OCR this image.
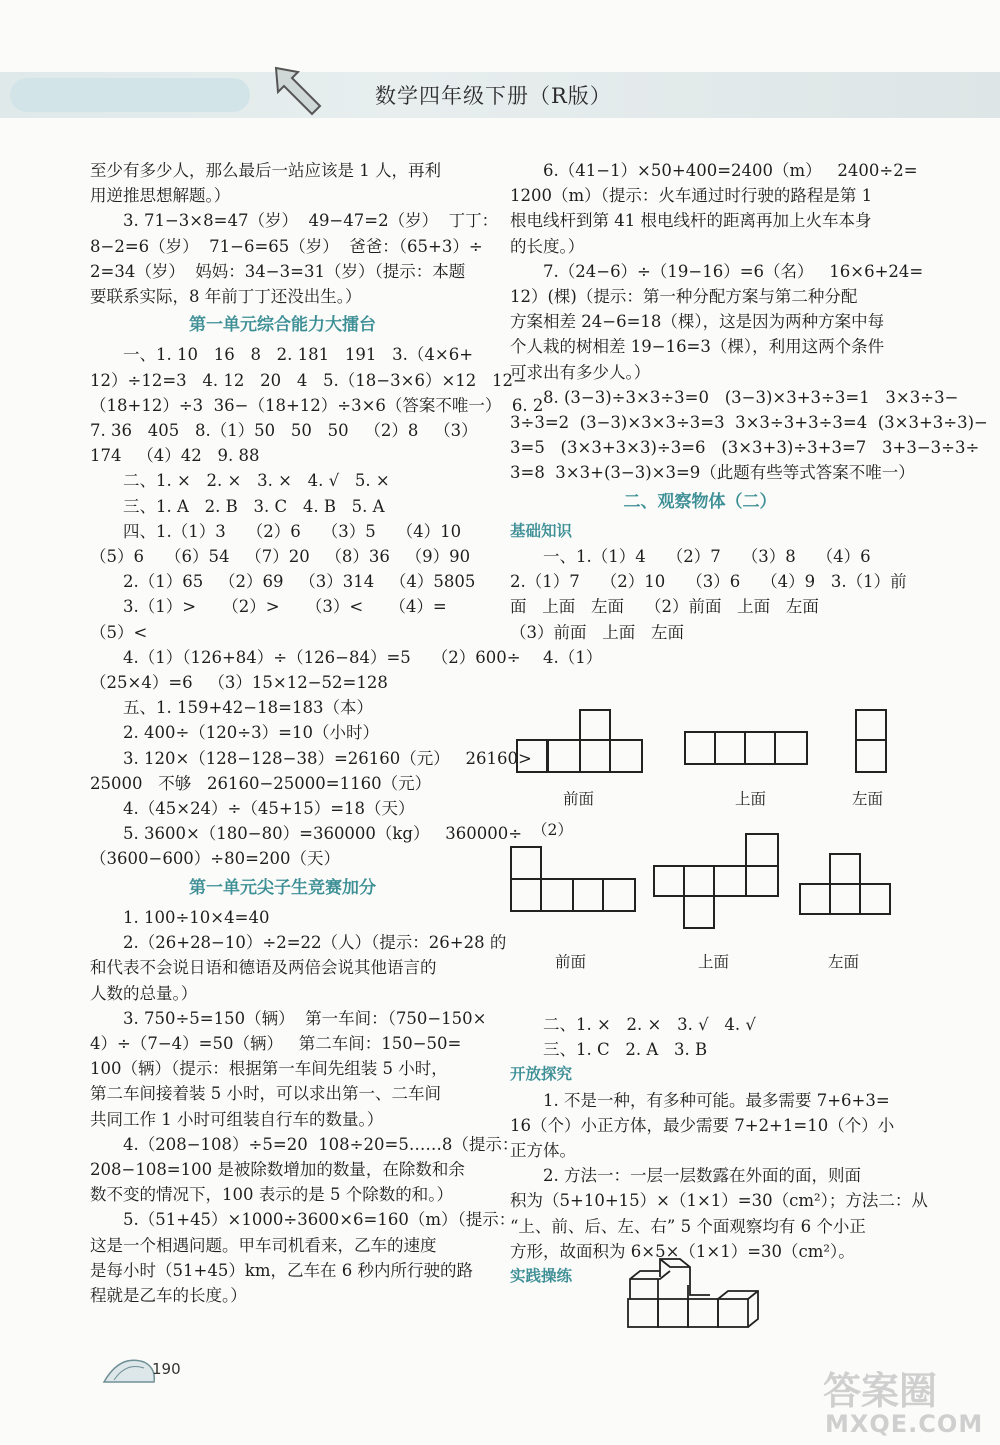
数学四年级下册（R版）

至少有多少人，那么最后一站应该是 1 人，再利

用逆推思想解题。）

3. 71−3×8=47（岁）  49−47=2（岁）  丁丁：

8−2=6（岁）  71−6=65（岁）  爸爸：（65+3）÷

2=34（岁）  妈妈：34−3=31（岁）（提示：本题

要联系实际，8 年前丁丁还没出生。）

第一单元综合能力大擂台

一、1. 10   16   8   2. 181   191   3.（4×6+

12）÷12=3   4. 12   20   4   5.（18−3×6）×12   12−

（18+12）÷3  36−（18+12）÷3×6（答案不唯一）  6. 2

7. 36   405   8.（1）50   50   50   （2）8   （3）

174   （4）42   9. 88

二、1. ×   2. ×   3. ×   4. √   5. ×

三、1. A   2. B   3. C   4. B   5. A

四、1.（1）3    （2）6    （3）5    （4）10

（5）6    （6）54   （7）20   （8）36   （9）90

2.（1）65   （2）69   （3）314   （4）5805

3.（1）>     （2）>     （3）<     （4）=

（5）<

4.（1）（126+84）÷（126−84）=5    （2）600÷

（25×4）=6   （3）15×12−52=128

五、1. 159+42−18=183（本）

2. 400÷（120÷3）=10（小时）

3. 120×（128−128−38）=26160（元）   26160>

25000   不够   26160−25000=1160（元）

4.（45×24）÷（45+15）=18（天）

5. 3600×（180−80）=360000（kg）   360000÷

（3600−600）÷80=200（天）

第一单元尖子生竞赛加分

1. 100÷10×4=40

2.（26+28−10）÷2=22（人）（提示：26+28 的

和代表不会说日语和德语及两倍会说其他语言的

人数的总量。）

3. 750÷5=150（辆）  第一车间：（750−150×

4）÷（7−4）=50（辆）   第二车间：150−50=

100（辆）（提示：根据第一车间先组装 5 小时，

第二车间接着装 5 小时，可以求出第一、二车间

共同工作 1 小时可组装自行车的数量。）

4.（208−108）÷5=20  108÷20=5……8（提示：

208−108=100 是被除数增加的数量，在除数和余

数不变的情况下，100 表示的是 5 个除数的和。）

5.（51+45）×1000÷3600×6=160（m）（提示：

这是一个相遇问题。甲车司机看来，乙车的速度

是每小时（51+45）km，乙车在 6 秒内所行驶的路

程就是乙车的长度。）

6.（41−1）×50+400=2400（m）   2400÷2=

1200（m）（提示：火车通过时行驶的路程是第 1

根电线杆到第 41 根电线杆的距离再加上火车本身

的长度。）

7.（24−6）÷（19−16）=6（名）   16×6+24=

12）(棵)（提示：第一种分配方案与第二种分配

方案相差 24−6=18（棵），这是因为两种方案中每

个人栽的树相差 19−16=3（棵），利用这两个条件

可求出有多少人。）

8. (3−3)÷3×3÷3=0   (3−3)×3+3÷3=1   3×3÷3−

3÷3=2  (3−3)×3×3÷3=3  3×3÷3+3÷3=4  (3×3+3÷3)−

3=5   (3×3+3×3)÷3=6   (3×3+3)÷3+3=7   3+3−3÷3÷

3=8  3×3+(3−3)×3=9（此题有些等式答案不唯一）

二、观察物体（二）

基础知识

一、1.（1）4    （2）7    （3）8    （4）6

2.（1）7    （2）10    （3）6    （4）9   3.（1）前

面   上面   左面    （2）前面   上面   左面

（3）前面   上面   左面

4.（1）

前面	上面	左面
（2）
前面	上面	左面

二、1. ×   2. ×   3. √   4. √

三、1. C   2. A   3. B

开放探究

1. 不是一种，有多种可能。最多需要 7+6+3=

16（个）小正方体，最少需要 7+2+1=10（个）小

正方体。

2. 方法一：一层一层数露在外面的面，则面

积为（5+10+15）×（1×1）=30（cm²）；方法二：从

“上、前、后、左、右” 5 个面观察均有 6 个小正

方形，故面积为 6×5×（1×1）=30（cm²）。

实践操练

190	答案圈
MXQE.COM
